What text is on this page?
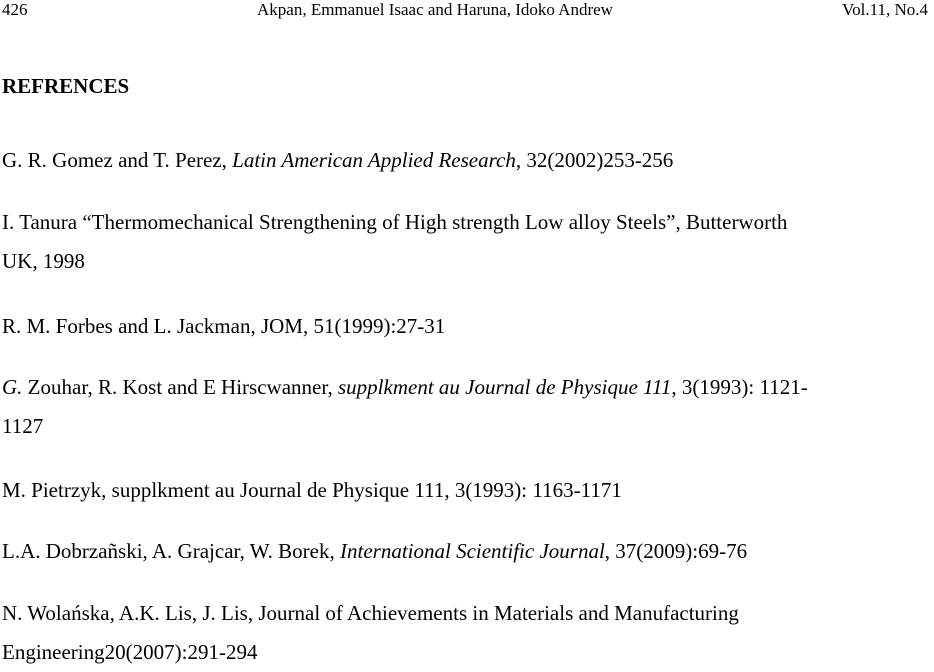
426	Akpan, Emmanuel Isaac and Haruna, Idoko Andrew	Vol.11, No.4
REFRENCES

G. R. Gomez and T. Perez, Latin American Applied Research, 32(2002)253-256

I. Tanura “Thermomechanical Strengthening of High strength Low alloy Steels”, Butterworth
UK, 1998

R. M. Forbes and L. Jackman, JOM, 51(1999):27-31

G. Zouhar, R. Kost and E Hirscwanner, supplkment au Journal de Physique 111, 3(1993): 1121-
1127

M. Pietrzyk, supplkment au Journal de Physique 111, 3(1993): 1163-1171

L.A. Dobrzañski, A. Grajcar, W. Borek, International Scientific Journal, 37(2009):69-76

N. Wolańska, A.K. Lis, J. Lis, Journal of Achievements in Materials and Manufacturing
Engineering20(2007):291-294
